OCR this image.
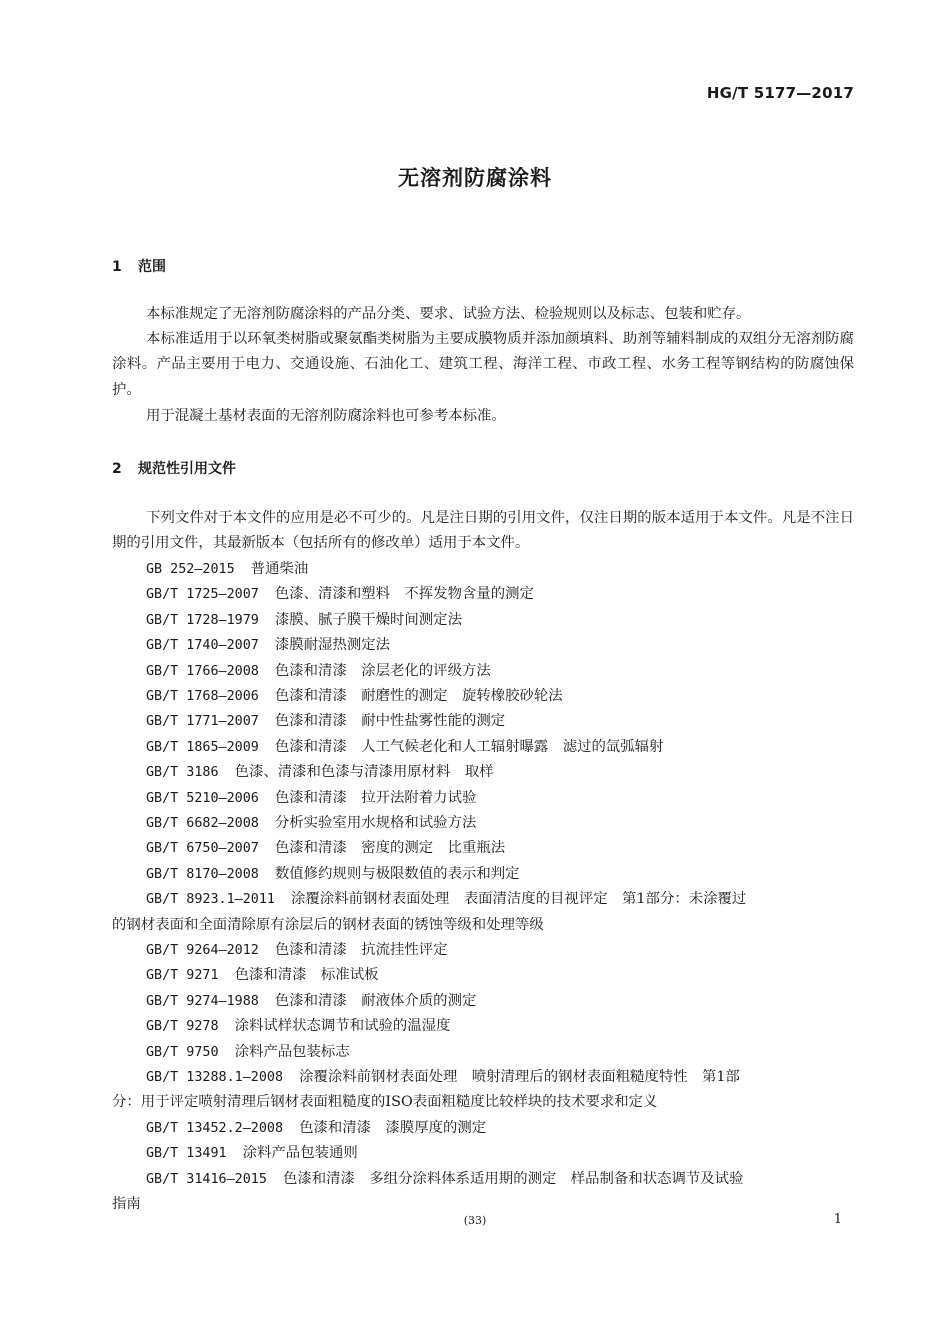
HG/T 5177—2017
无溶剂防腐涂料
1 范围

本标准规定了无溶剂防腐涂料的产品分类、要求、试验方法、检验规则以及标志、包装和贮存。

本标准适用于以环氧类树脂或聚氨酯类树脂为主要成膜物质并添加颜填料、助剂等辅料制成的双组分无溶剂防腐涂料。产品主要用于电力、交通设施、石油化工、建筑工程、海洋工程、市政工程、水务工程等钢结构的防腐蚀保护。

用于混凝土基材表面的无溶剂防腐涂料也可参考本标准。

2 规范性引用文件

下列文件对于本文件的应用是必不可少的。凡是注日期的引用文件，仅注日期的版本适用于本文件。凡是不注日期的引用文件，其最新版本（包括所有的修改单）适用于本文件。

GB 252—2015 普通柴油
GB/T 1725—2007 色漆、清漆和塑料　不挥发物含量的测定
GB/T 1728—1979 漆膜、腻子膜干燥时间测定法
GB/T 1740—2007 漆膜耐湿热测定法
GB/T 1766—2008 色漆和清漆　涂层老化的评级方法
GB/T 1768—2006 色漆和清漆　耐磨性的测定　旋转橡胶砂轮法
GB/T 1771—2007 色漆和清漆　耐中性盐雾性能的测定
GB/T 1865—2009 色漆和清漆　人工气候老化和人工辐射曝露　滤过的氙弧辐射
GB/T 3186 色漆、清漆和色漆与清漆用原材料　取样
GB/T 5210—2006 色漆和清漆　拉开法附着力试验
GB/T 6682—2008 分析实验室用水规格和试验方法
GB/T 6750—2007 色漆和清漆　密度的测定　比重瓶法
GB/T 8170—2008 数值修约规则与极限数值的表示和判定
GB/T 8923.1—2011 涂覆涂料前钢材表面处理　表面清洁度的目视评定　第1部分：未涂覆过
的钢材表面和全面清除原有涂层后的钢材表面的锈蚀等级和处理等级
GB/T 9264—2012 色漆和清漆　抗流挂性评定
GB/T 9271 色漆和清漆　标准试板
GB/T 9274—1988 色漆和清漆　耐液体介质的测定
GB/T 9278 涂料试样状态调节和试验的温湿度
GB/T 9750 涂料产品包装标志
GB/T 13288.1—2008 涂覆涂料前钢材表面处理　喷射清理后的钢材表面粗糙度特性　第1部
分：用于评定喷射清理后钢材表面粗糙度的ISO表面粗糙度比较样块的技术要求和定义
GB/T 13452.2—2008 色漆和清漆　漆膜厚度的测定
GB/T 13491 涂料产品包装通则
GB/T 31416—2015 色漆和清漆　多组分涂料体系适用期的测定　样品制备和状态调节及试验
指南
(33)	1
